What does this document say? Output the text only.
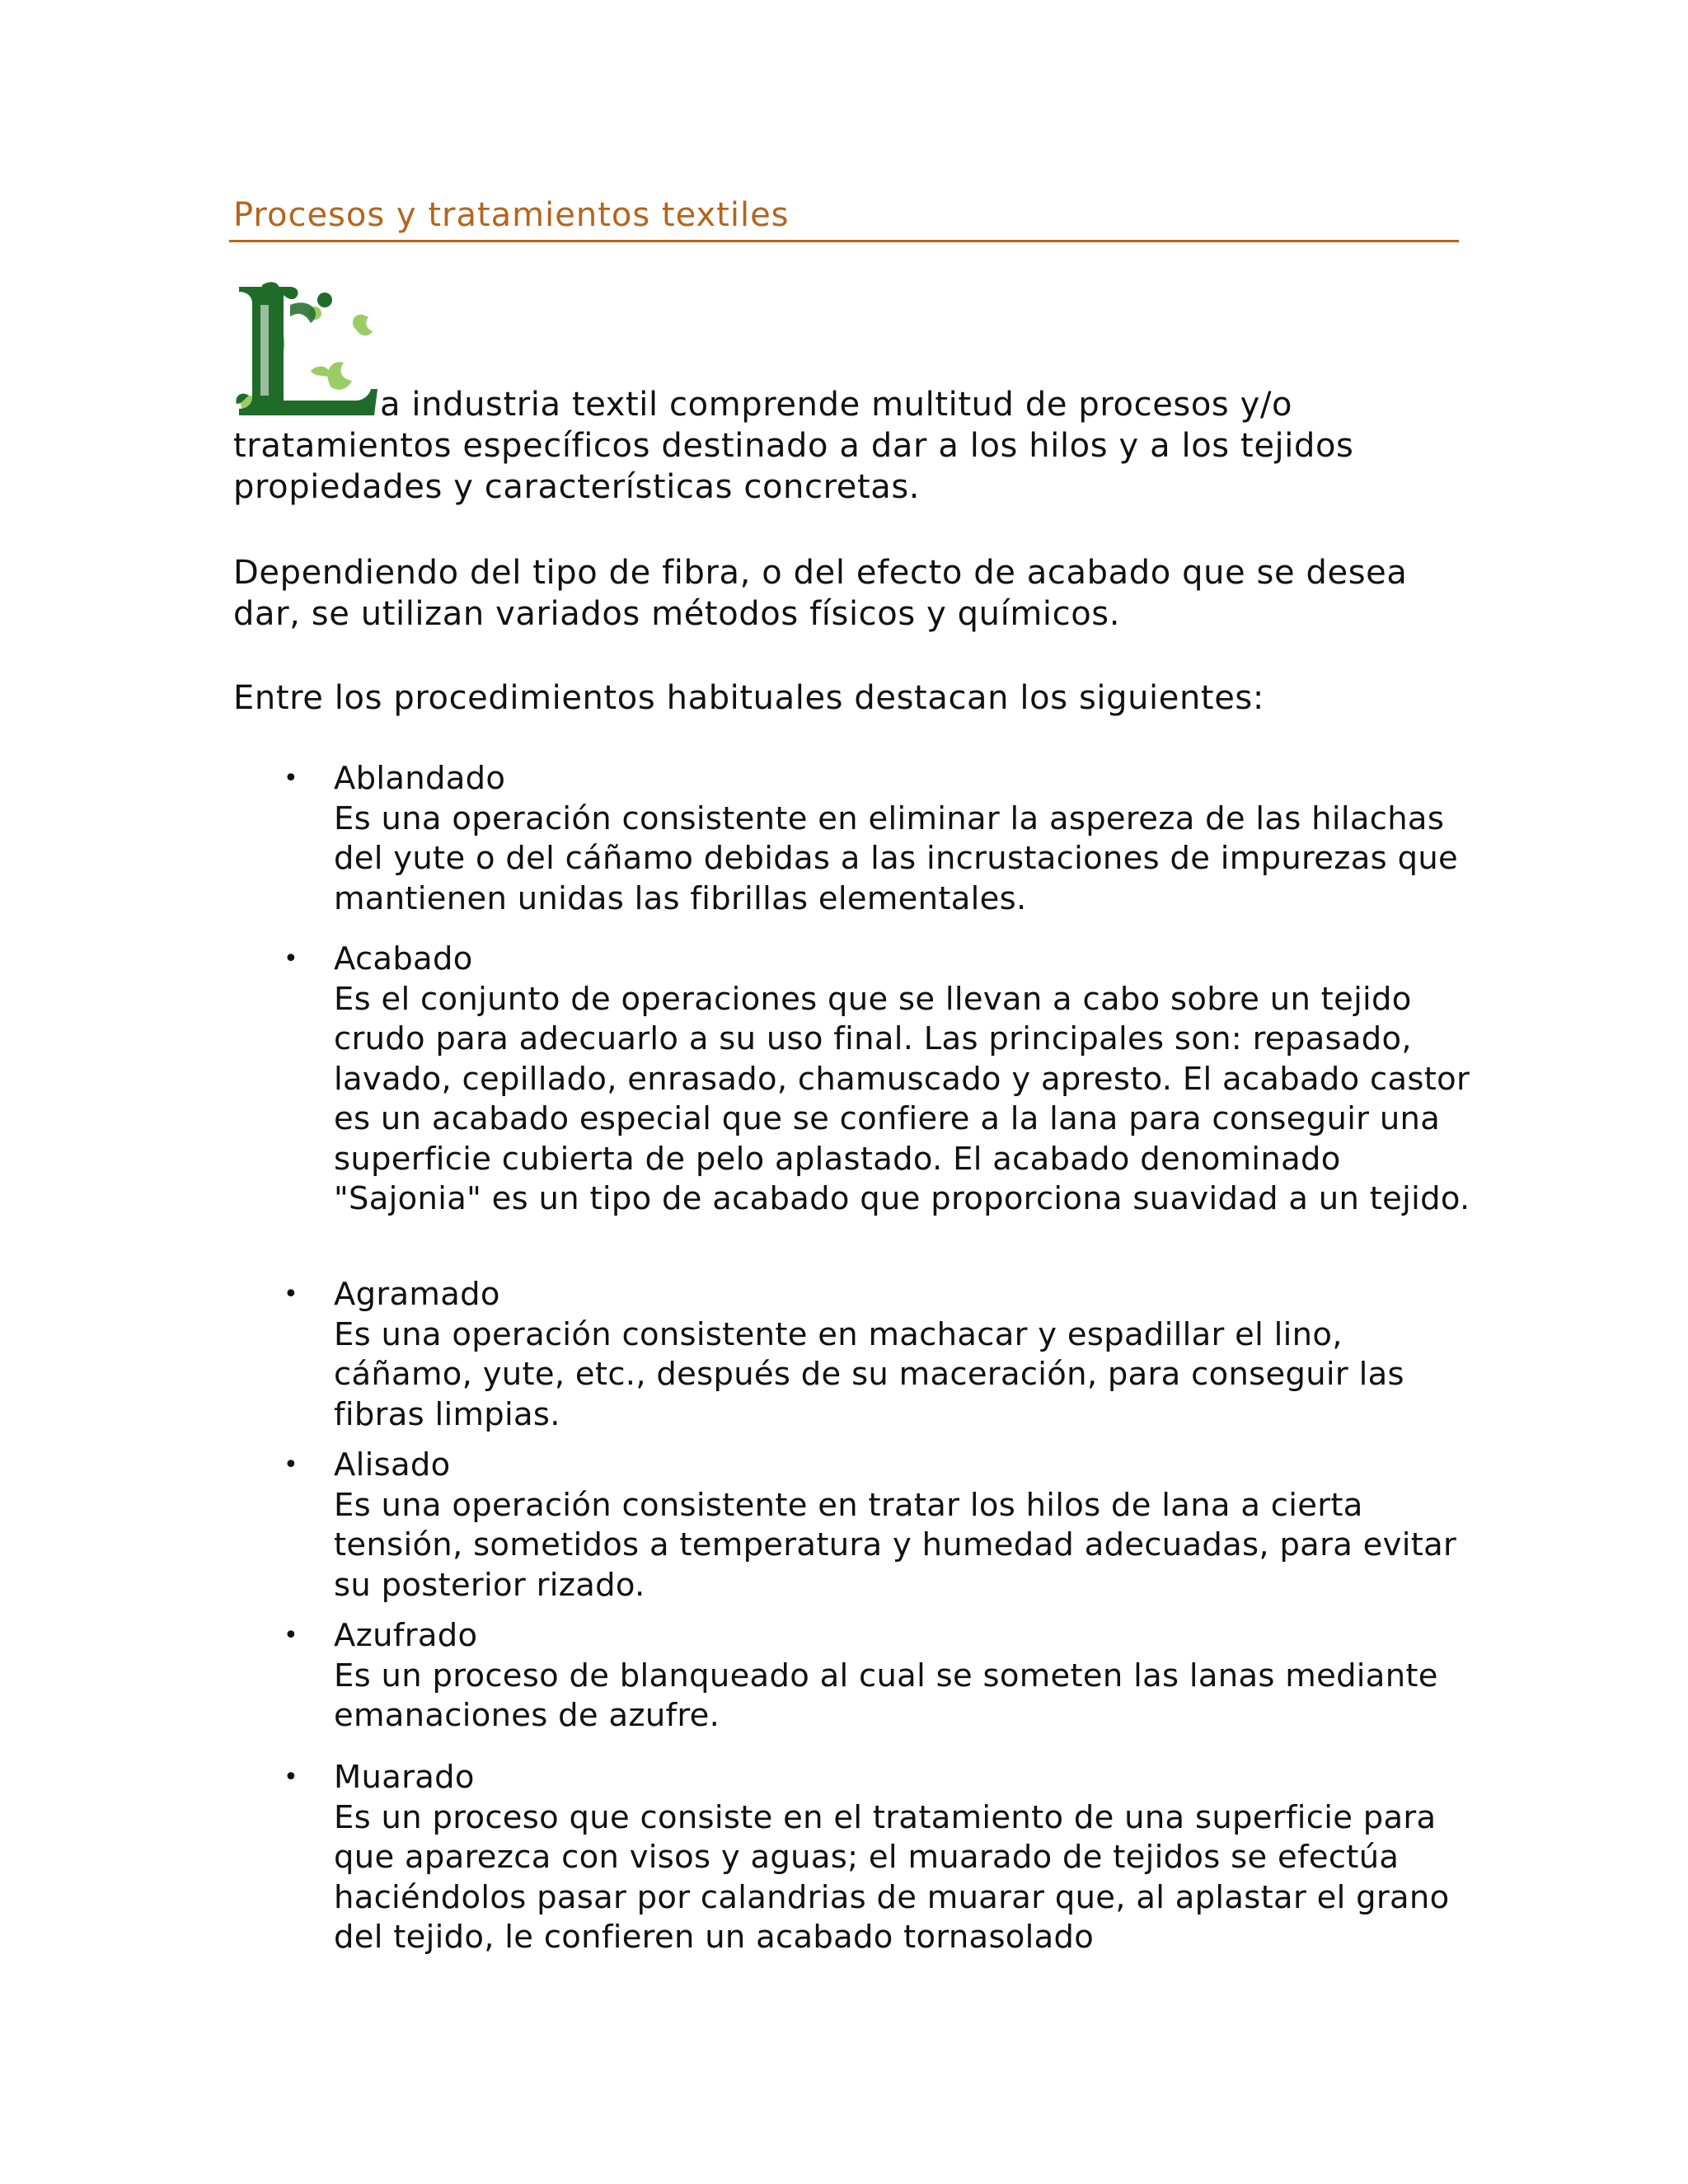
Procesos y tratamientos textiles
a industria textil comprende multitud de procesos y/o
tratamientos específicos destinado a dar a los hilos y a los tejidos propiedades y características concretas.
Dependiendo del tipo de fibra, o del efecto de acabado que se desea dar, se utilizan variados métodos físicos y químicos.
Entre los procedimientos habituales destacan los siguientes:
• Ablandado
Es una operación consistente en eliminar la aspereza de las hilachas del yute o del cáñamo debidas a las incrustaciones de impurezas que mantienen unidas las fibrillas elementales.
• Acabado
Es el conjunto de operaciones que se llevan a cabo sobre un tejido crudo para adecuarlo a su uso final. Las principales son: repasado, lavado, cepillado, enrasado, chamuscado y apresto. El acabado castor es un acabado especial que se confiere a la lana para conseguir una superficie cubierta de pelo aplastado. El acabado denominado "Sajonia" es un tipo de acabado que proporciona suavidad a un tejido.
• Agramado
Es una operación consistente en machacar y espadillar el lino, cáñamo, yute, etc., después de su maceración, para conseguir las fibras limpias.
• Alisado
Es una operación consistente en tratar los hilos de lana a cierta tensión, sometidos a temperatura y humedad adecuadas, para evitar su posterior rizado.
• Azufrado
Es un proceso de blanqueado al cual se someten las lanas mediante emanaciones de azufre.
• Muarado
Es un proceso que consiste en el tratamiento de una superficie para que aparezca con visos y aguas; el muarado de tejidos se efectúa haciéndolos pasar por calandrias de muarar que, al aplastar el grano del tejido, le confieren un acabado tornasolado
